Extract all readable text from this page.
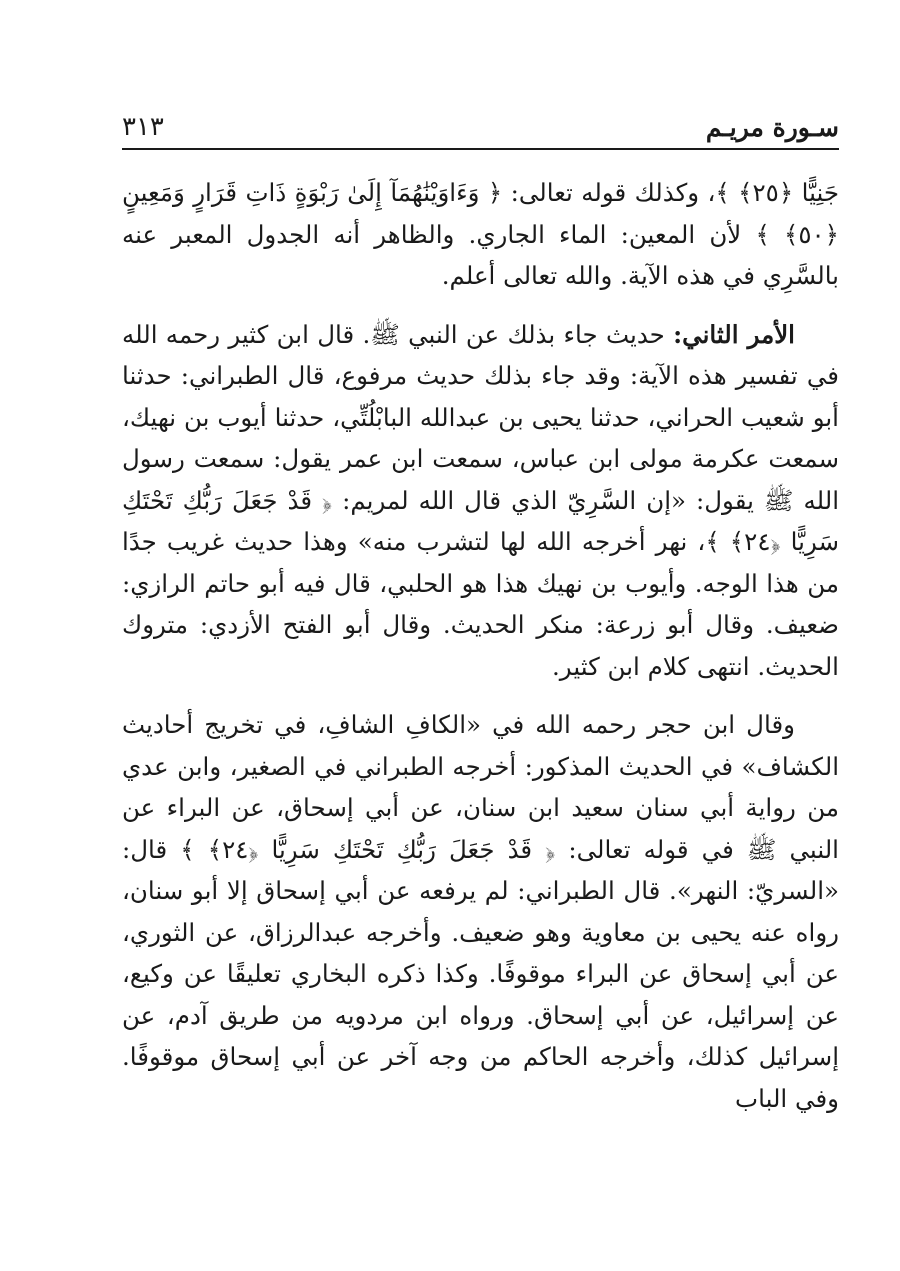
سـورة مريـم
٣١٣

جَنِيًّا ﴿٢٥﴾ ﴾، وكذلك قوله تعالى: ﴿ وَءَاوَيْنَٰهُمَآ إِلَىٰ رَبْوَةٍ ذَاتِ قَرَارٍ وَمَعِينٍ ﴿٥٠﴾ ﴾ لأن المعين: الماء الجاري. والظاهر أنه الجدول المعبر عنه بالسَّرِي في هذه الآية. والله تعالى أعلم.

الأمر الثاني: حديث جاء بذلك عن النبي ﷺ. قال ابن كثير رحمه الله في تفسير هذه الآية: وقد جاء بذلك حديث مرفوع، قال الطبراني: حدثنا أبو شعيب الحراني، حدثنا يحيى بن عبدالله البابْلُتِّي، حدثنا أيوب بن نهيك، سمعت عكرمة مولى ابن عباس، سمعت ابن عمر يقول: سمعت رسول الله ﷺ يقول: «إن السَّرِيّ الذي قال الله لمريم: ﴿ قَدْ جَعَلَ رَبُّكِ تَحْتَكِ سَرِيًّا ﴿٢٤﴾ ﴾، نهر أخرجه الله لها لتشرب منه» وهذا حديث غريب جدًا من هذا الوجه. وأيوب بن نهيك هذا هو الحلبي، قال فيه أبو حاتم الرازي: ضعيف. وقال أبو زرعة: منكر الحديث. وقال أبو الفتح الأزدي: متروك الحديث. انتهى كلام ابن كثير.

وقال ابن حجر رحمه الله في «الكافِ الشافِ، في تخريج أحاديث الكشاف» في الحديث المذكور: أخرجه الطبراني في الصغير، وابن عدي من رواية أبي سنان سعيد ابن سنان، عن أبي إسحاق، عن البراء عن النبي ﷺ في قوله تعالى: ﴿ قَدْ جَعَلَ رَبُّكِ تَحْتَكِ سَرِيًّا ﴿٢٤﴾ ﴾ قال: «السريّ: النهر». قال الطبراني: لم يرفعه عن أبي إسحاق إلا أبو سنان، رواه عنه يحيى بن معاوية وهو ضعيف. وأخرجه عبدالرزاق، عن الثوري، عن أبي إسحاق عن البراء موقوفًا. وكذا ذكره البخاري تعليقًا عن وكيع، عن إسرائيل، عن أبي إسحاق. ورواه ابن مردويه من طريق آدم، عن إسرائيل كذلك، وأخرجه الحاكم من وجه آخر عن أبي إسحاق موقوفًا. وفي الباب
